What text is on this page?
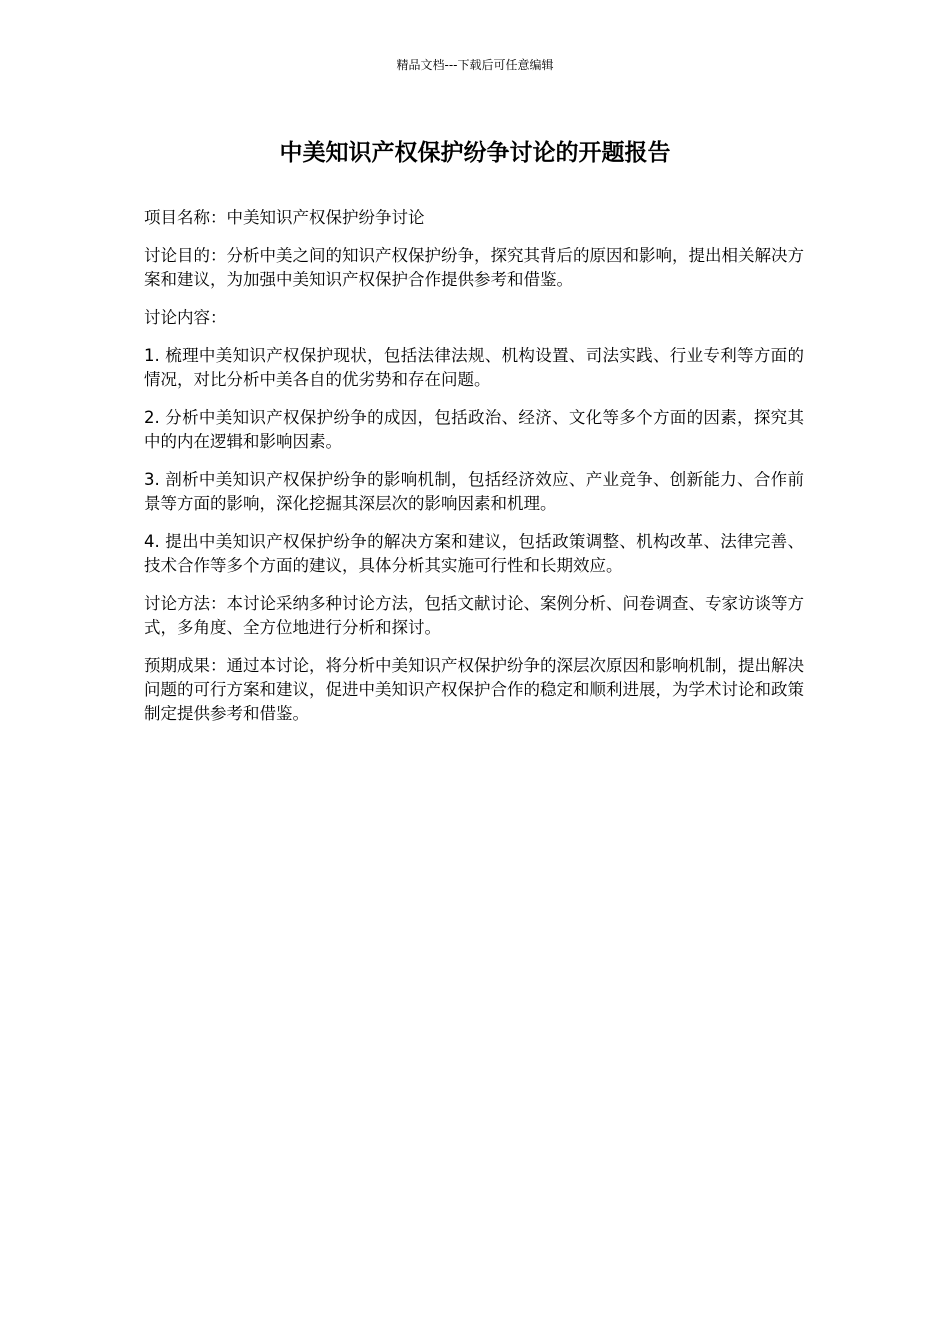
精品文档---下载后可任意编辑
中美知识产权保护纷争讨论的开题报告

项目名称：中美知识产权保护纷争讨论

讨论目的：分析中美之间的知识产权保护纷争，探究其背后的原因和影响，提出相关解决方案和建议，为加强中美知识产权保护合作提供参考和借鉴。

讨论内容：

1. 梳理中美知识产权保护现状，包括法律法规、机构设置、司法实践、行业专利等方面的情况，对比分析中美各自的优劣势和存在问题。

2. 分析中美知识产权保护纷争的成因，包括政治、经济、文化等多个方面的因素，探究其中的内在逻辑和影响因素。

3. 剖析中美知识产权保护纷争的影响机制，包括经济效应、产业竞争、创新能力、合作前景等方面的影响，深化挖掘其深层次的影响因素和机理。

4. 提出中美知识产权保护纷争的解决方案和建议，包括政策调整、机构改革、法律完善、技术合作等多个方面的建议，具体分析其实施可行性和长期效应。

讨论方法：本讨论采纳多种讨论方法，包括文献讨论、案例分析、问卷调查、专家访谈等方式，多角度、全方位地进行分析和探讨。

预期成果：通过本讨论，将分析中美知识产权保护纷争的深层次原因和影响机制，提出解决问题的可行方案和建议，促进中美知识产权保护合作的稳定和顺利进展，为学术讨论和政策制定提供参考和借鉴。
